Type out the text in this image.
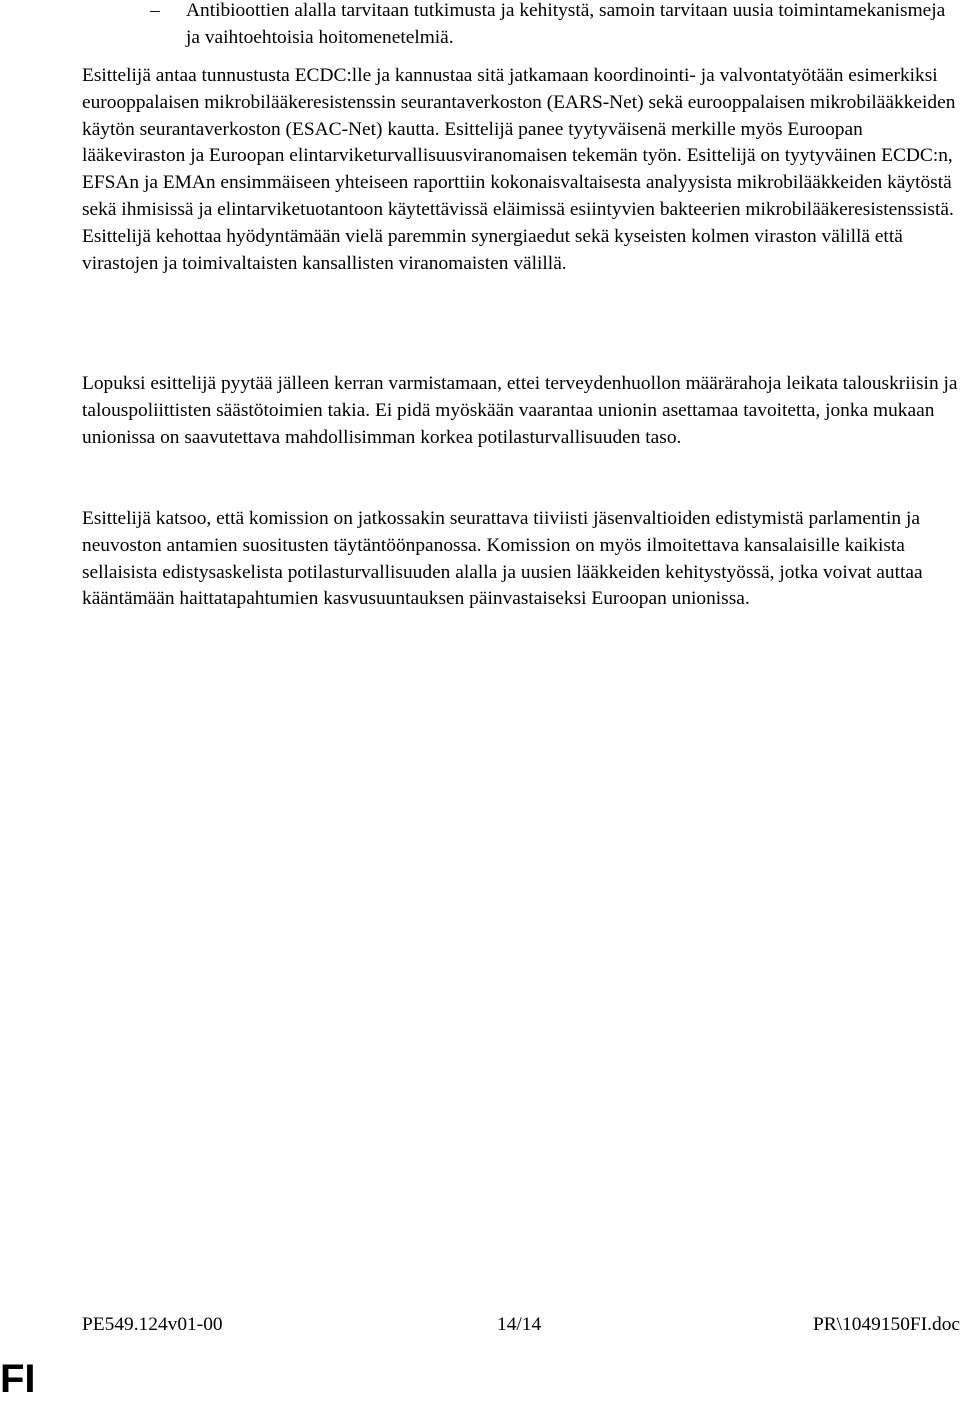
– Antibioottien alalla tarvitaan tutkimusta ja kehitystä, samoin tarvitaan uusia toimintamekanismeja ja vaihtoehtoisia hoitomenetelmiä.

Esittelijä antaa tunnustusta ECDC:lle ja kannustaa sitä jatkamaan koordinointi- ja valvontatyötään esimerkiksi eurooppalaisen mikrobilääkeresistenssin seurantaverkoston (EARS-Net) sekä eurooppalaisen mikrobilääkkeiden käytön seurantaverkoston (ESAC-Net) kautta. Esittelijä panee tyytyväisenä merkille myös Euroopan lääkeviraston ja Euroopan elintarviketurvallisuusviranomaisen tekemän työn. Esittelijä on tyytyväinen ECDC:n, EFSAn ja EMAn ensimmäiseen yhteiseen raporttiin kokonaisvaltaisesta analyysista mikrobilääkkeiden käytöstä sekä ihmisissä ja elintarviketuotantoon käytettävissä eläimissä esiintyvien bakteerien mikrobilääkeresistenssistä. Esittelijä kehottaa hyödyntämään vielä paremmin synergiaedut sekä kyseisten kolmen viraston välillä että virastojen ja toimivaltaisten kansallisten viranomaisten välillä.

Lopuksi esittelijä pyytää jälleen kerran varmistamaan, ettei terveydenhuollon määrärahoja leikata talouskriisin ja talouspoliittisten säästötoimien takia. Ei pidä myöskään vaarantaa unionin asettamaa tavoitetta, jonka mukaan unionissa on saavutettava mahdollisimman korkea potilasturvallisuuden taso.

Esittelijä katsoo, että komission on jatkossakin seurattava tiiviisti jäsenvaltioiden edistymistä parlamentin ja neuvoston antamien suositusten täytäntöönpanossa. Komission on myös ilmoitettava kansalaisille kaikista sellaisista edistysaskelista potilasturvallisuuden alalla ja uusien lääkkeiden kehitystyössä, jotka voivat auttaa kääntämään haittatapahtumien kasvusuuntauksen päinvastaiseksi Euroopan unionissa.

PE549.124v01-00	14/14	PR\1049150FI.doc
FI
